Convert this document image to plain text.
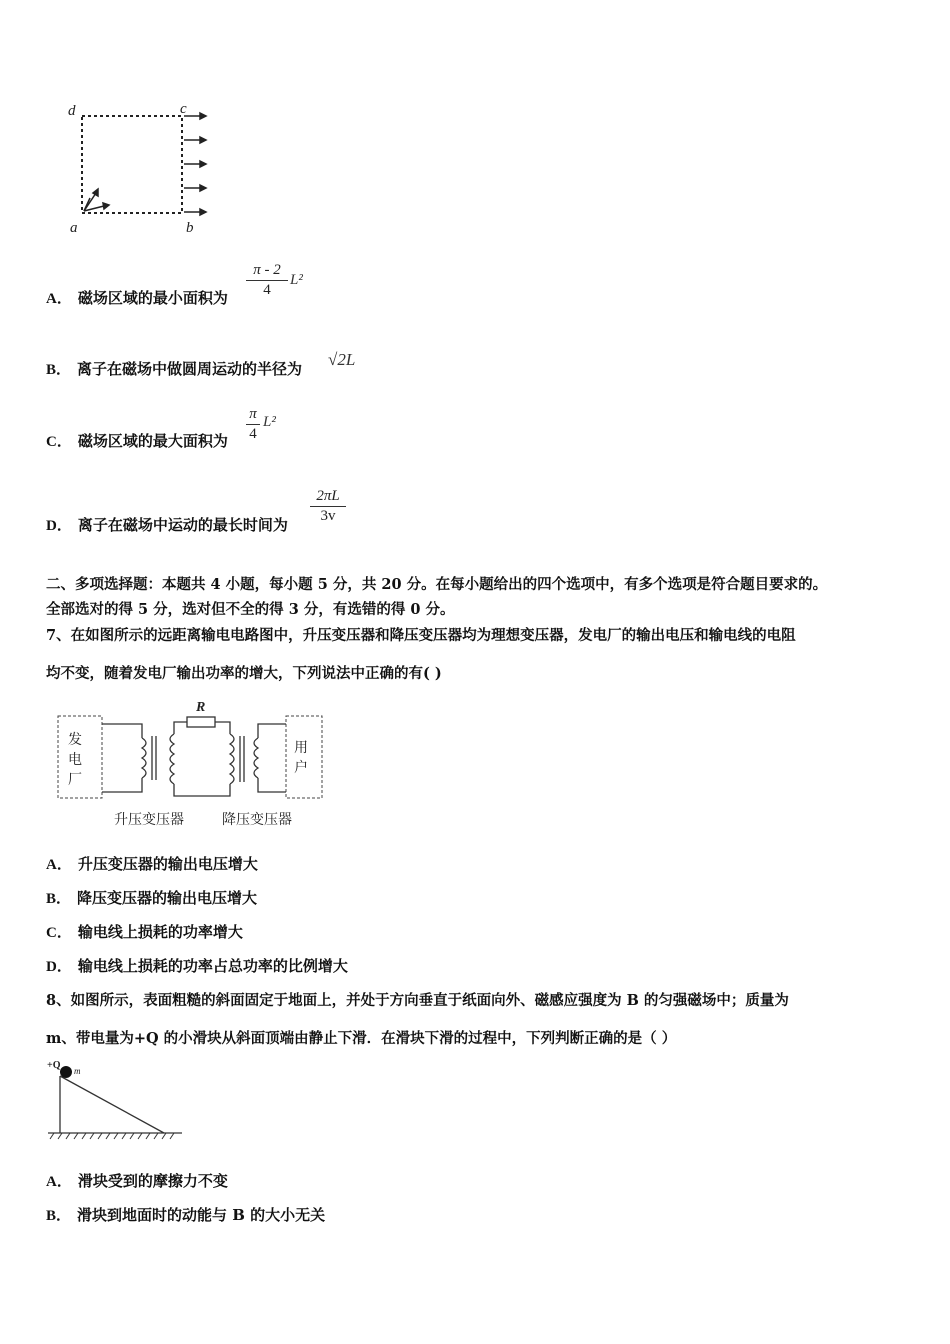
d	c
a	b
A． 磁场区域的最小面积为
π - 2
4
L²
B． 离子在磁场中做圆周运动的半径为 √2L
C． 磁场区域的最大面积为
π
4
L²
D． 离子在磁场中运动的最长时间为
2πL
3v
二、多项选择题：本题共 4 小题，每小题 5 分，共 20 分。在每小题给出的四个选项中，有多个选项是符合题目要求的。
全部选对的得 5 分，选对但不全的得 3 分，有选错的得 0 分。
7、在如图所示的远距离输电电路图中，升压变压器和降压变压器均为理想变压器，发电厂的输出电压和输电线的电阻
均不变，随着发电厂输出功率的增大，下列说法中正确的有( )
发
电
厂
用
户
R
升压变压器	降压变压器
A． 升压变压器的输出电压增大
B． 降压变压器的输出电压增大
C． 输电线上损耗的功率增大
D． 输电线上损耗的功率占总功率的比例增大
8、如图所示，表面粗糙的斜面固定于地面上，并处于方向垂直于纸面向外、磁感应强度为 B 的匀强磁场中；质量为
m、带电量为+Q 的小滑块从斜面顶端由静止下滑．在滑块下滑的过程中，下列判断正确的是（ ）
+Q m
A． 滑块受到的摩擦力不变
B． 滑块到地面时的动能与 B 的大小无关
